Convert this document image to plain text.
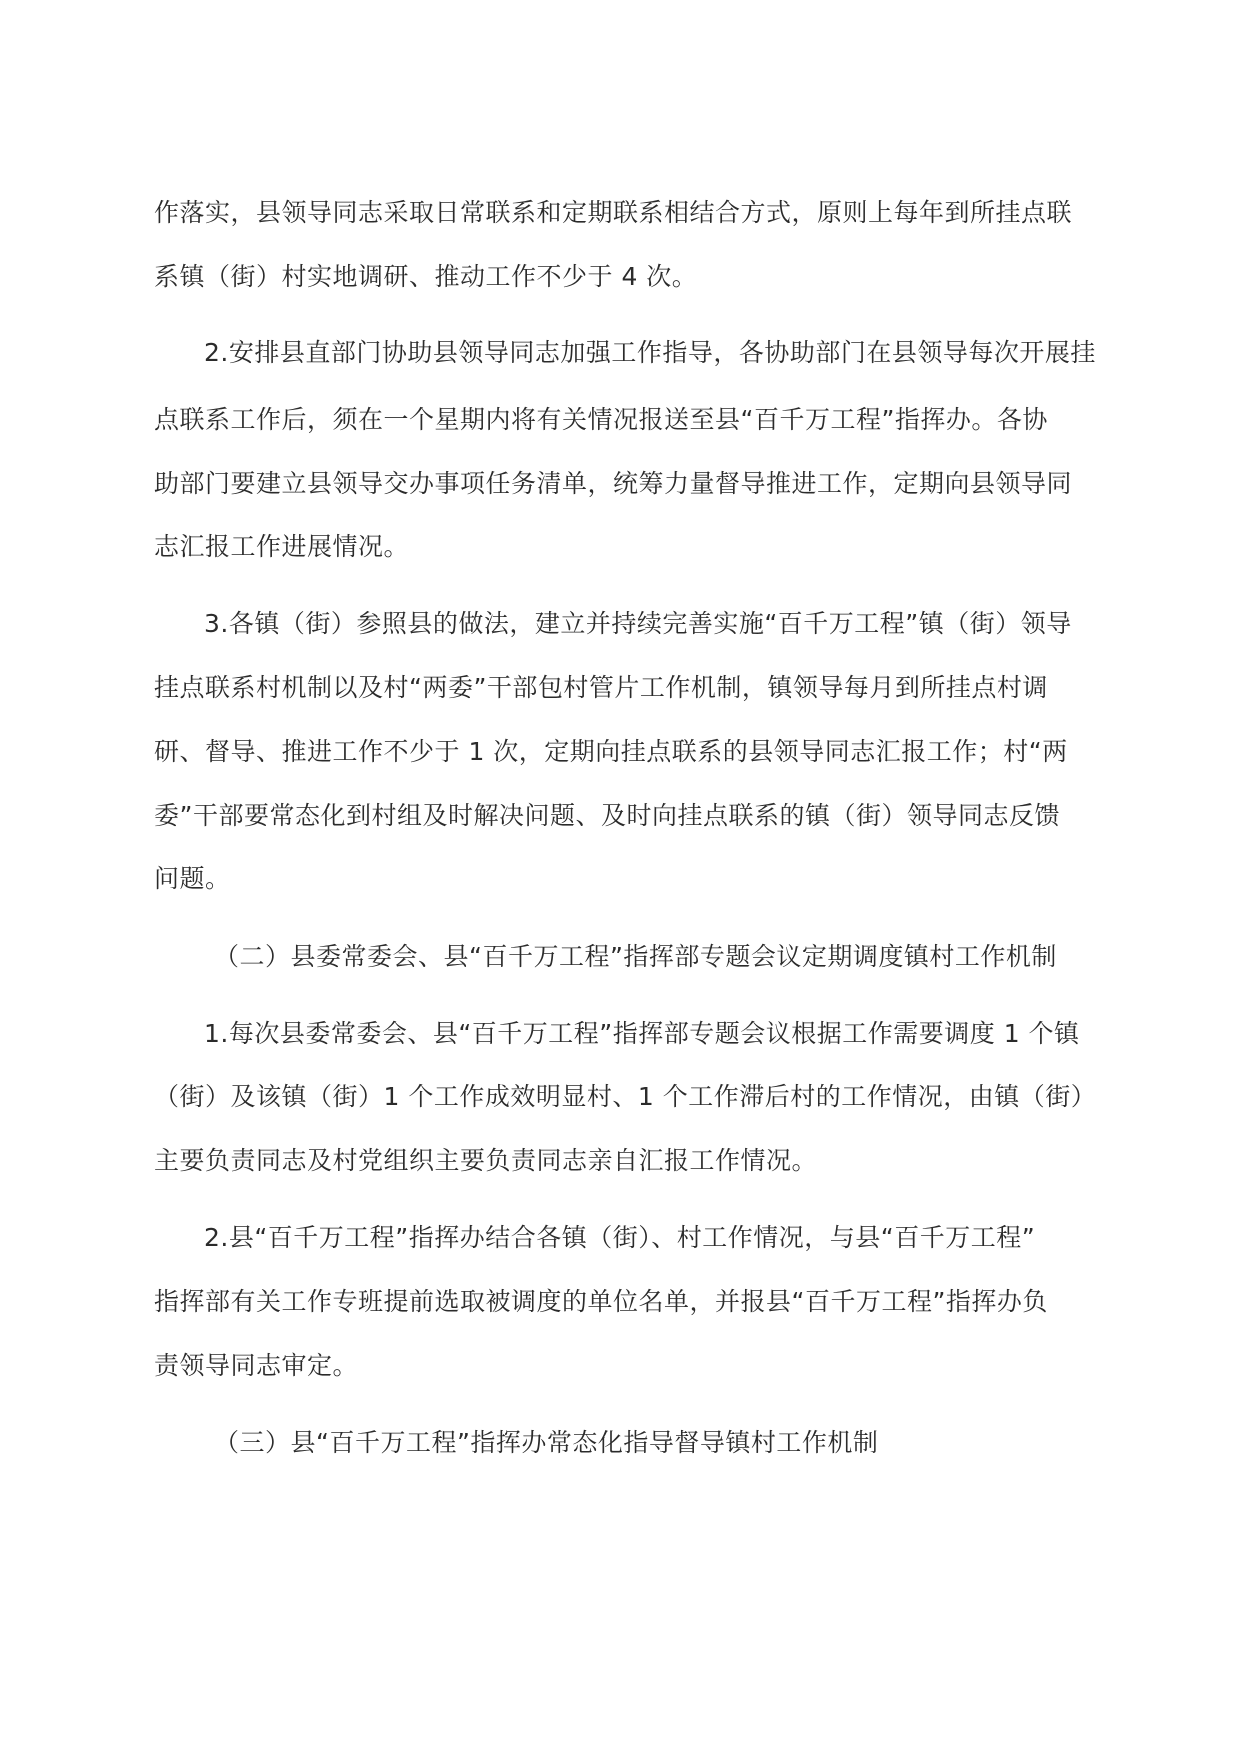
作落实，县领导同志采取日常联系和定期联系相结合方式，原则上每年到所挂点联
系镇（街）村实地调研、推动工作不少于 4 次。
2.安排县直部门协助县领导同志加强工作指导，各协助部门在县领导每次开展挂
点联系工作后，须在一个星期内将有关情况报送至县“百千万工程”指挥办。各协
助部门要建立县领导交办事项任务清单，统筹力量督导推进工作，定期向县领导同
志汇报工作进展情况。
3.各镇（街）参照县的做法，建立并持续完善实施“百千万工程”镇（街）领导
挂点联系村机制以及村“两委”干部包村管片工作机制，镇领导每月到所挂点村调
研、督导、推进工作不少于 1 次，定期向挂点联系的县领导同志汇报工作；村“两
委”干部要常态化到村组及时解决问题、及时向挂点联系的镇（街）领导同志反馈
问题。
（二）县委常委会、县“百千万工程”指挥部专题会议定期调度镇村工作机制
1.每次县委常委会、县“百千万工程”指挥部专题会议根据工作需要调度 1 个镇
（街）及该镇（街）1 个工作成效明显村、1 个工作滞后村的工作情况，由镇（街）
主要负责同志及村党组织主要负责同志亲自汇报工作情况。
2.县“百千万工程”指挥办结合各镇（街）、村工作情况，与县“百千万工程”
指挥部有关工作专班提前选取被调度的单位名单，并报县“百千万工程”指挥办负
责领导同志审定。
（三）县“百千万工程”指挥办常态化指导督导镇村工作机制
